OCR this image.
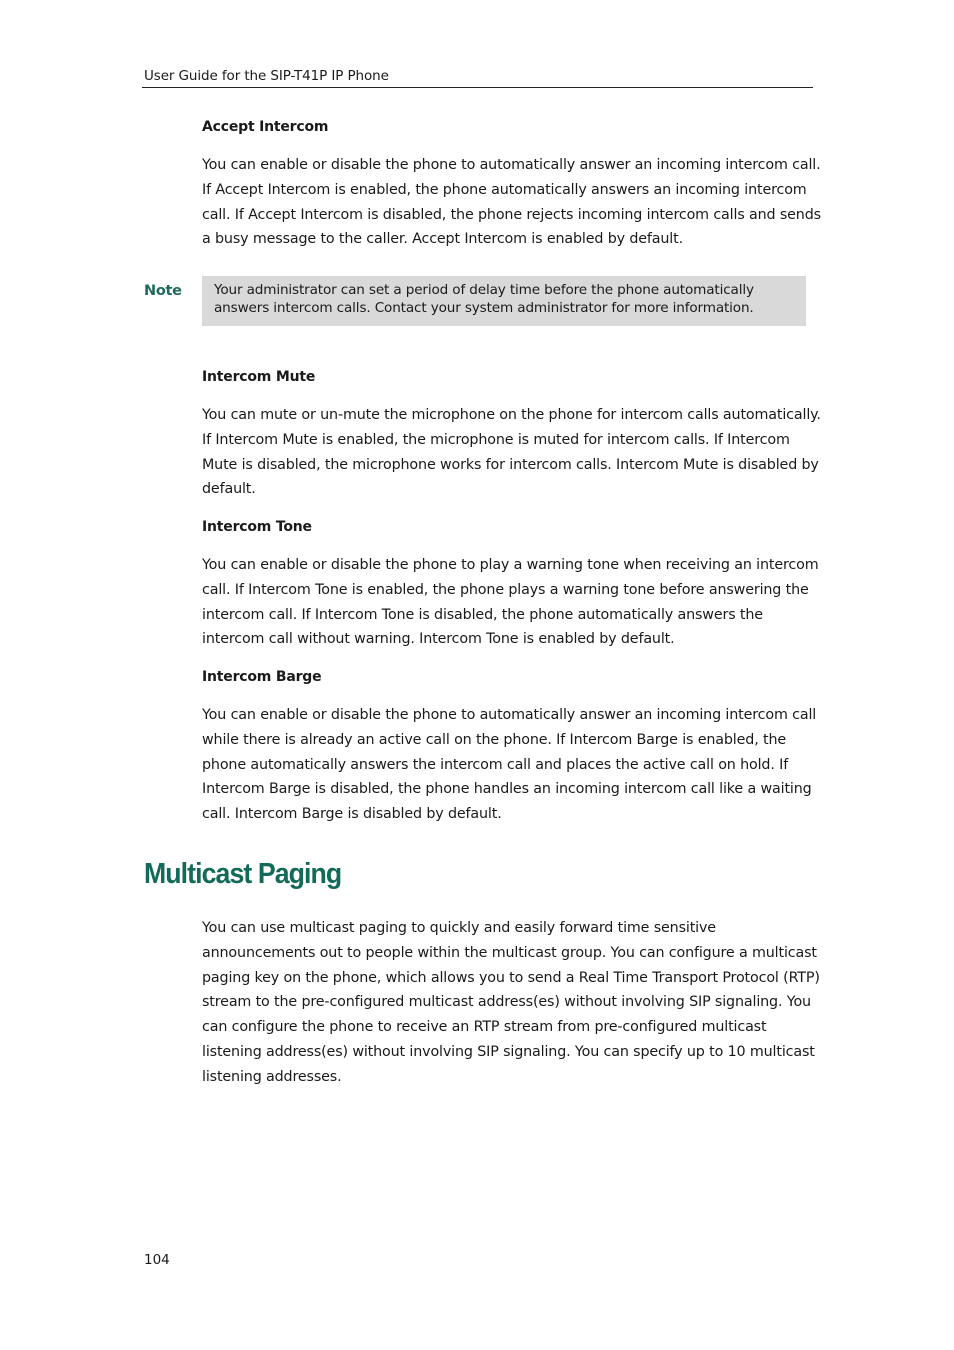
User Guide for the SIP-T41P IP Phone
Accept Intercom
You can enable or disable the phone to automatically answer an incoming intercom call. If Accept Intercom is enabled, the phone automatically answers an incoming intercom call. If Accept Intercom is disabled, the phone rejects incoming intercom calls and sends a busy message to the caller. Accept Intercom is enabled by default.
Note Your administrator can set a period of delay time before the phone automatically answers intercom calls. Contact your system administrator for more information.
Intercom Mute
You can mute or un-mute the microphone on the phone for intercom calls automatically. If Intercom Mute is enabled, the microphone is muted for intercom calls. If Intercom Mute is disabled, the microphone works for intercom calls. Intercom Mute is disabled by default.
Intercom Tone
You can enable or disable the phone to play a warning tone when receiving an intercom call. If Intercom Tone is enabled, the phone plays a warning tone before answering the intercom call. If Intercom Tone is disabled, the phone automatically answers the intercom call without warning. Intercom Tone is enabled by default.
Intercom Barge
You can enable or disable the phone to automatically answer an incoming intercom call while there is already an active call on the phone. If Intercom Barge is enabled, the phone automatically answers the intercom call and places the active call on hold. If Intercom Barge is disabled, the phone handles an incoming intercom call like a waiting call. Intercom Barge is disabled by default.
Multicast Paging
You can use multicast paging to quickly and easily forward time sensitive announcements out to people within the multicast group. You can configure a multicast paging key on the phone, which allows you to send a Real Time Transport Protocol (RTP) stream to the pre-configured multicast address(es) without involving SIP signaling. You can configure the phone to receive an RTP stream from pre-configured multicast listening address(es) without involving SIP signaling. You can specify up to 10 multicast listening addresses.
104
